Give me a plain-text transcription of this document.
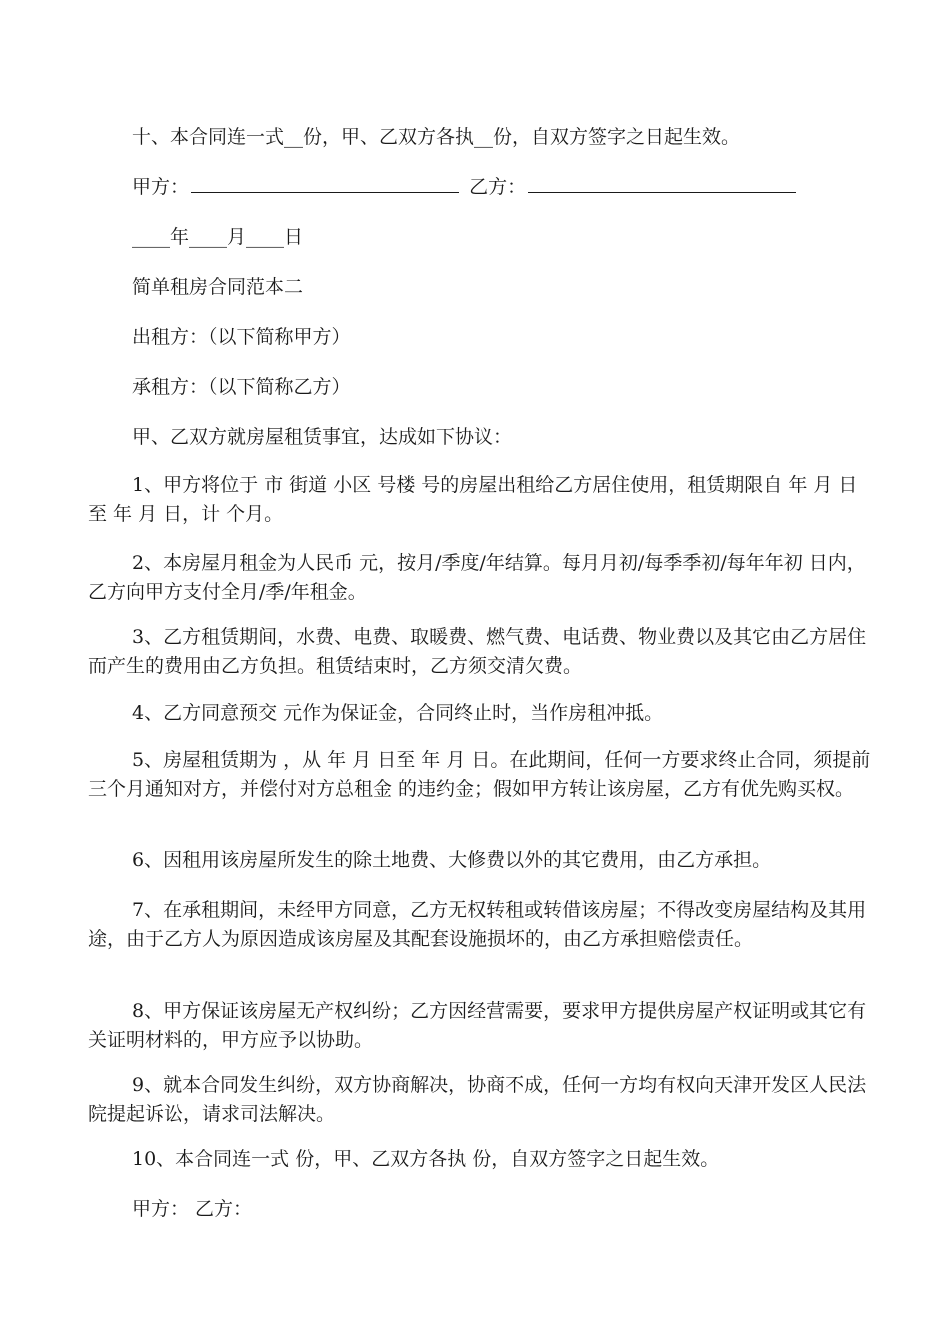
十、本合同连一式__份，甲、乙双方各执__份，自双方签字之日起生效。

甲方：	乙方：

____年____月____日

简单租房合同范本二

出租方：（以下简称甲方）

承租方：（以下简称乙方）

甲、乙双方就房屋租赁事宜，达成如下协议：

1、甲方将位于 市 街道 小区 号楼 号的房屋出租给乙方居住使用，租赁期限自 年 月 日至 年 月 日，计 个月。

2、本房屋月租金为人民币 元，按月/季度/年结算。每月月初/每季季初/每年年初 日内，乙方向甲方支付全月/季/年租金。

3、乙方租赁期间，水费、电费、取暖费、燃气费、电话费、物业费以及其它由乙方居住而产生的费用由乙方负担。租赁结束时，乙方须交清欠费。

4、乙方同意预交 元作为保证金，合同终止时，当作房租冲抵。

5、房屋租赁期为 ，从 年 月 日至 年 月 日。在此期间，任何一方要求终止合同，须提前三个月通知对方，并偿付对方总租金 的违约金；假如甲方转让该房屋，乙方有优先购买权。

6、因租用该房屋所发生的除土地费、大修费以外的其它费用，由乙方承担。

7、在承租期间，未经甲方同意，乙方无权转租或转借该房屋；不得改变房屋结构及其用途，由于乙方人为原因造成该房屋及其配套设施损坏的，由乙方承担赔偿责任。

8、甲方保证该房屋无产权纠纷；乙方因经营需要，要求甲方提供房屋产权证明或其它有关证明材料的，甲方应予以协助。

9、就本合同发生纠纷，双方协商解决，协商不成，任何一方均有权向天津开发区人民法院提起诉讼，请求司法解决。

10、本合同连一式 份，甲、乙双方各执 份，自双方签字之日起生效。

甲方： 乙方：
